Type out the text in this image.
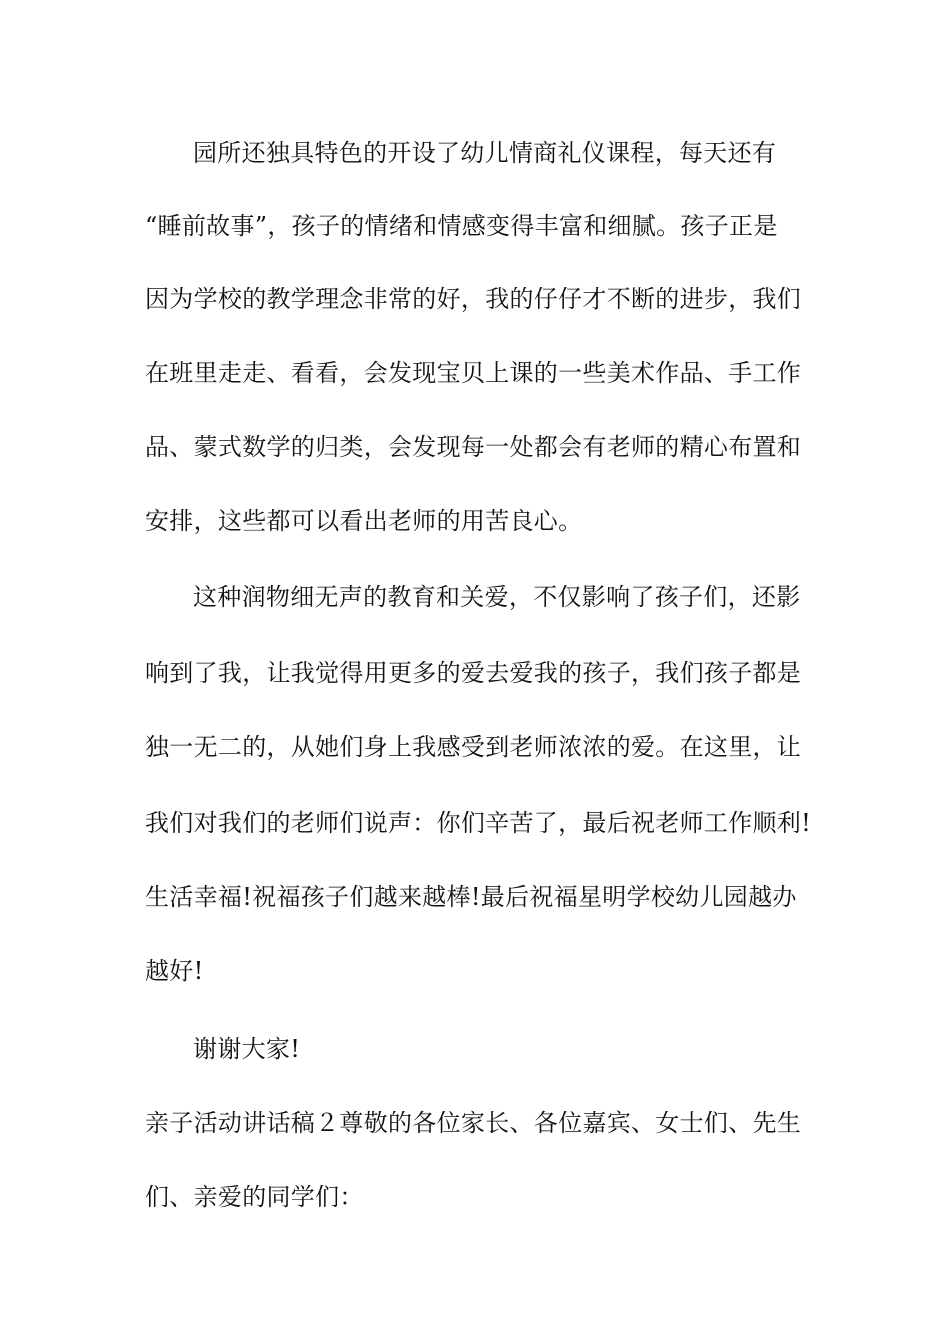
园所还独具特色的开设了幼儿情商礼仪课程，每天还有
“睡前故事”，孩子的情绪和情感变得丰富和细腻。孩子正是
因为学校的教学理念非常的好，我的仔仔才不断的进步，我们
在班里走走、看看，会发现宝贝上课的一些美术作品、手工作
品、蒙式数学的归类，会发现每一处都会有老师的精心布置和
安排，这些都可以看出老师的用苦良心。
这种润物细无声的教育和关爱，不仅影响了孩子们，还影
响到了我，让我觉得用更多的爱去爱我的孩子，我们孩子都是
独一无二的，从她们身上我感受到老师浓浓的爱。在这里，让
我们对我们的老师们说声：你们辛苦了，最后祝老师工作顺利!
生活幸福!祝福孩子们越来越棒!最后祝福星明学校幼儿园越办
越好!
谢谢大家!
亲子活动讲话稿２尊敬的各位家长、各位嘉宾、女士们、先生
们、亲爱的同学们：
